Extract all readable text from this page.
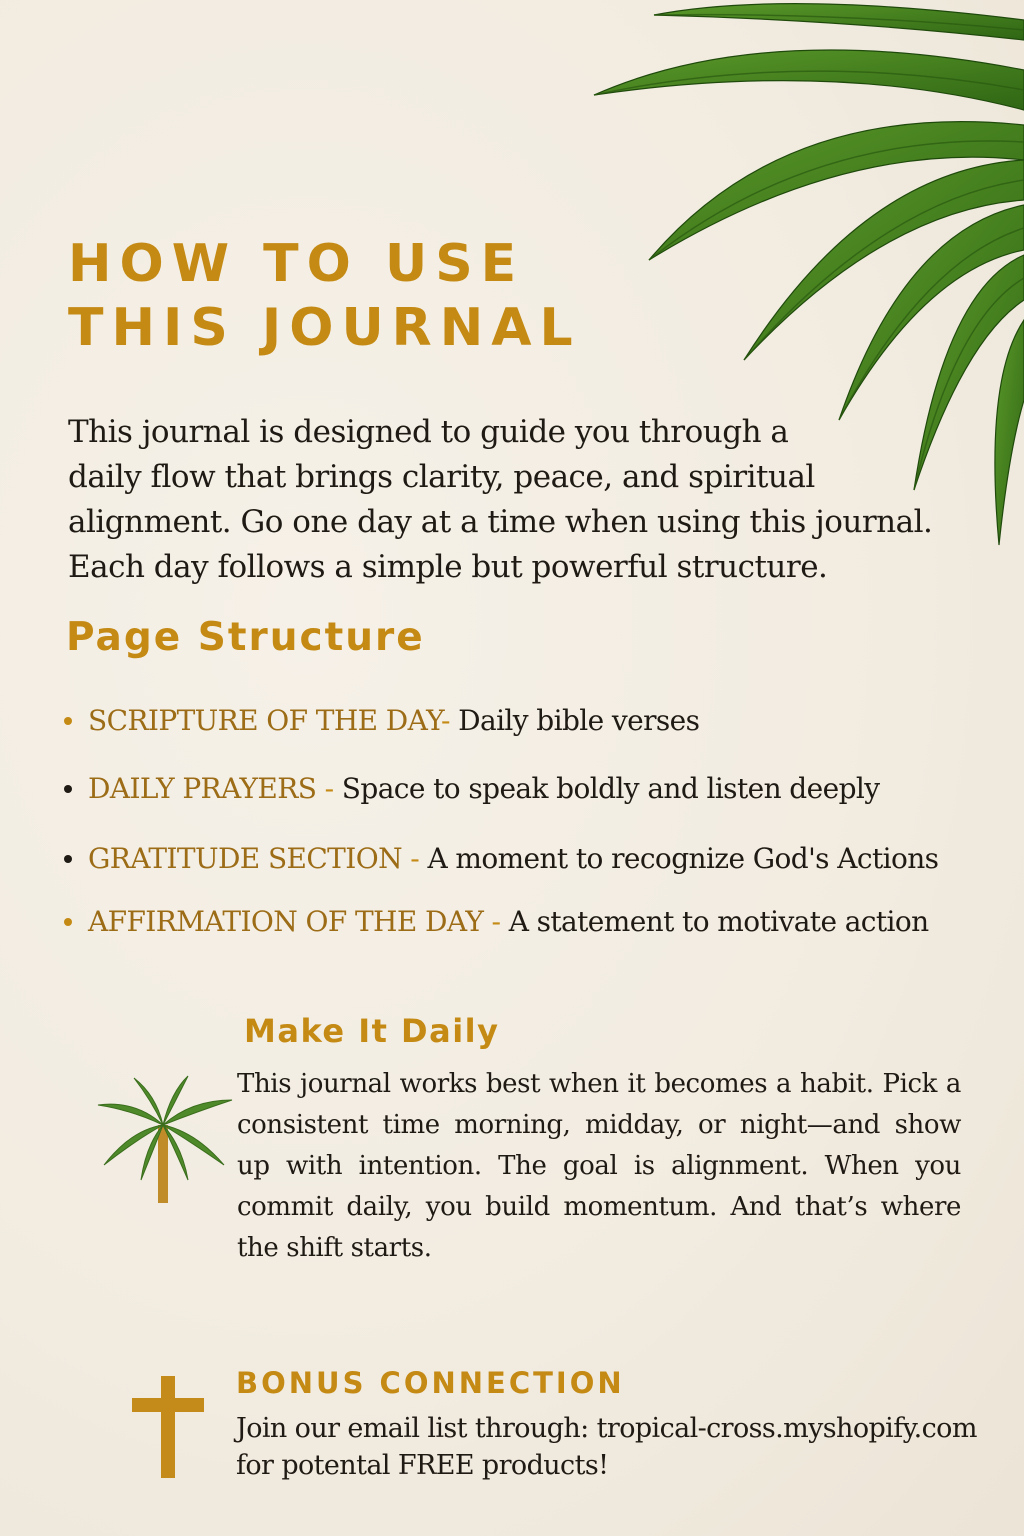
HOW TO USE
THIS JOURNAL

This journal is designed to guide you through a
daily flow that brings clarity, peace, and spiritual
alignment. Go one day at a time when using this journal.
Each day follows a simple but powerful structure.

Page Structure
SCRIPTURE OF THE DAY- Daily bible verses
DAILY PRAYERS - Space to speak boldly and listen deeply
GRATITUDE SECTION - A moment to recognize God's Actions
AFFIRMATION OF THE DAY - A statement to motivate action
Make It Daily

This journal works best when it becomes a habit. Pick a consistent time morning, midday, or night—and show up with intention. The goal is alignment. When you commit daily, you build momentum. And that’s where the shift starts.

BONUS CONNECTION

Join our email list through: tropical-cross.myshopify.com
for potental FREE products!
